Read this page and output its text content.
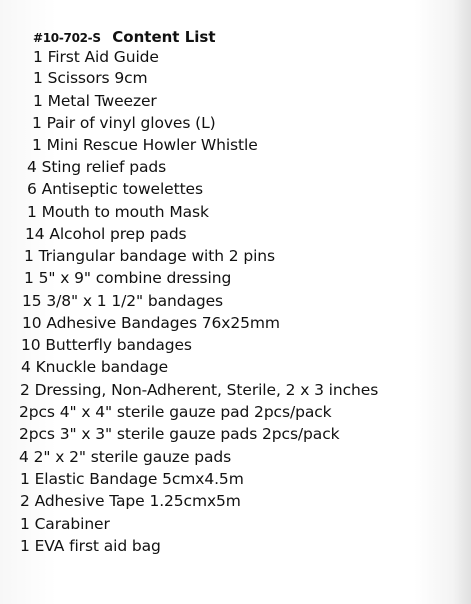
#10-702-S Content List
1 First Aid Guide
1 Scissors 9cm
1 Metal Tweezer
1 Pair of vinyl gloves (L)
1 Mini Rescue Howler Whistle
4 Sting relief pads
6 Antiseptic towelettes
1 Mouth to mouth Mask
14 Alcohol prep pads
1 Triangular bandage with 2 pins
1 5" x 9" combine dressing
15 3/8" x 1 1/2" bandages
10 Adhesive Bandages 76x25mm
10 Butterfly bandages
4 Knuckle bandage
2 Dressing, Non-Adherent, Sterile, 2 x 3 inches
2pcs 4" x 4" sterile gauze pad 2pcs/pack
2pcs 3" x 3" sterile gauze pads 2pcs/pack
4 2" x 2" sterile gauze pads
1 Elastic Bandage 5cmx4.5m
2 Adhesive Tape 1.25cmx5m
1 Carabiner
1 EVA first aid bag
